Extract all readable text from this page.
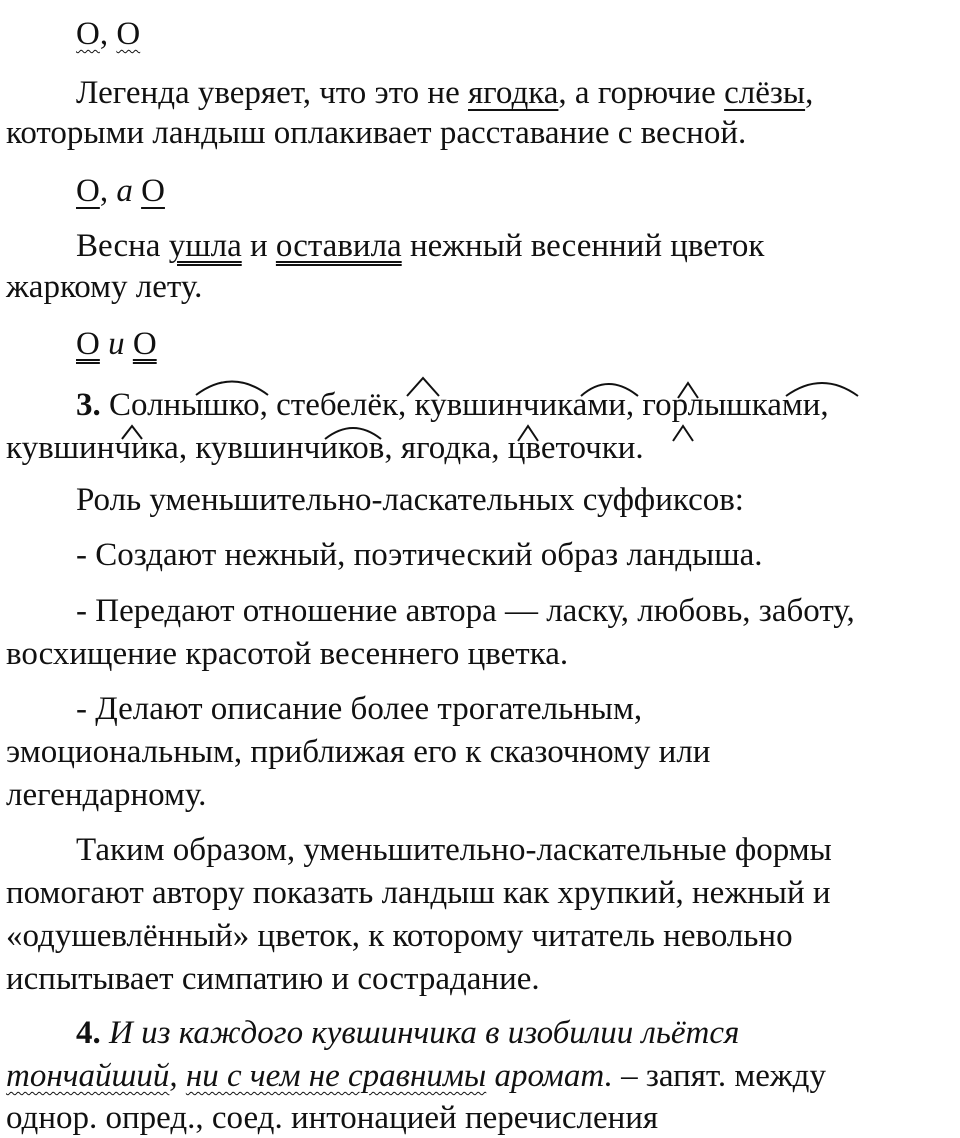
О, О
Легенда уверяет, что это не ягодка, а горючие слёзы,
которыми ландыш оплакивает расставание с весной.
О, а О
Весна ушла и оставила нежный весенний цветок
жаркому лету.
О и О
3. Солнышко, стебелёк, кувшинчиками, горлышками,
кувшинчика, кувшинчиков, ягодка, цветочки.
Роль уменьшительно-ласкательных суффиксов:
- Создают нежный, поэтический образ ландыша.
- Передают отношение автора — ласку, любовь, заботу,
восхищение красотой весеннего цветка.
- Делают описание более трогательным,
эмоциональным, приближая его к сказочному или
легендарному.
Таким образом, уменьшительно-ласкательные формы
помогают автору показать ландыш как хрупкий, нежный и
«одушевлённый» цветок, к которому читатель невольно
испытывает симпатию и сострадание.
4. И из каждого кувшинчика в изобилии льётся
тончайший, ни с чем не сравнимы аромат. – запят. между
однор. опред., соед. интонацией перечисления
